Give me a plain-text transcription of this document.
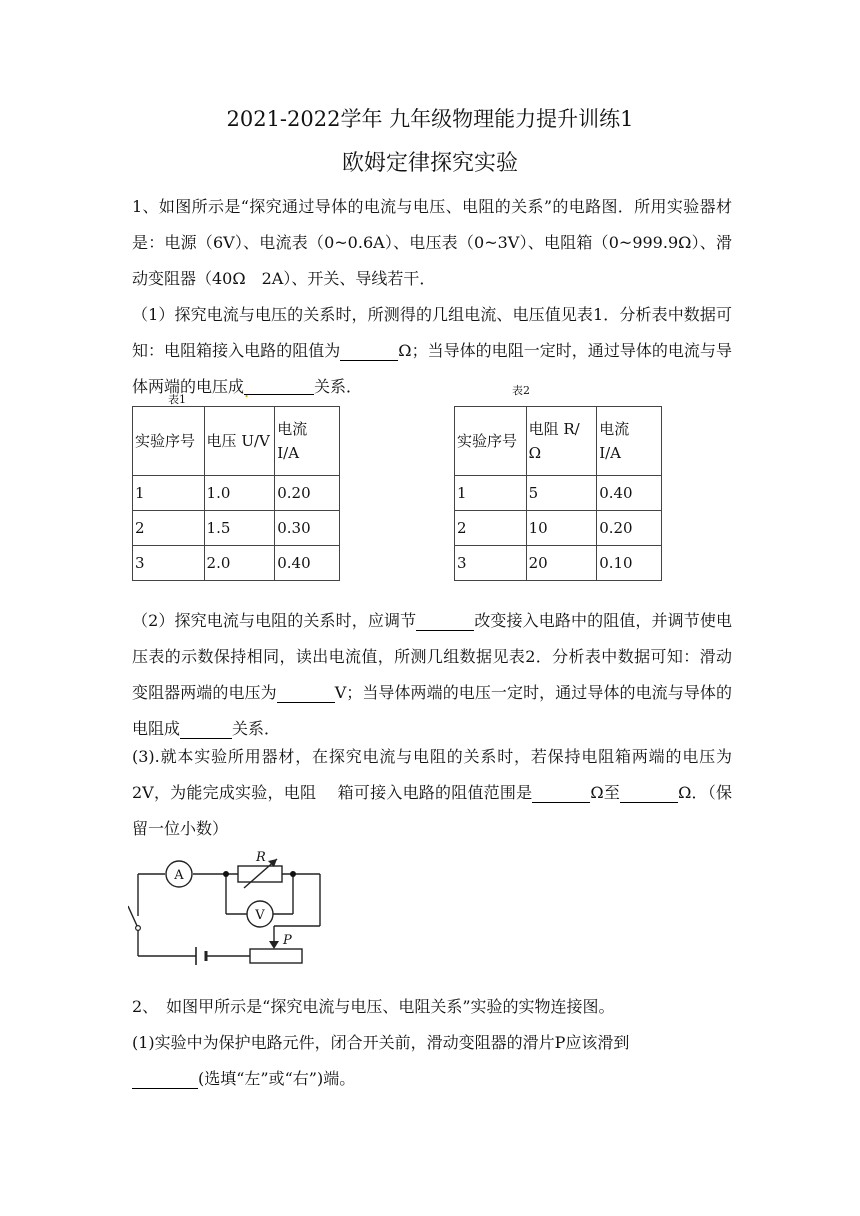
2021-2022学年 九年级物理能力提升训练1
欧姆定律探究实验
1、如图所示是“探究通过导体的电流与电压、电阻的关系”的电路图．所用实验器材是：电源（6V）、电流表（0~0.6A）、电压表（0~3V）、电阻箱（0~999.9Ω）、滑动变阻器（40Ω　2A）、开关、导线若干．
（1）探究电流与电压的关系时，所测得的几组电流、电压值见表1．分析表中数据可知：电阻箱接入电路的阻值为	Ω；当导体的电阻一定时，通过导体的电流与导体两端的电压成.	关系．
表1
实验序号	电压 U/V	电流
I/A
1	1.0	0.20
2	1.5	0.30
3	2.0	0.40
表2
实验序号	电阻 R/
Ω	电流
I/A
1	5	0.40
2	10	0.20
3	20	0.10
（2）探究电流与电阻的关系时，应调节	改变接入电路中的阻值，并调节使电压表的示数保持相同，读出电流值，所测几组数据见表2．分析表中数据可知：滑动变阻器两端的电压为	V；当导体两端的电压一定时，通过导体的电流与导体的电阻成	关系．
(3).就本实验所用器材，在探究电流与电阻的关系时，若保持电阻箱两端的电压为2V，为能完成实验，电阻　 箱可接入电路的阻值范围是	Ω至	Ω．（保留一位小数）
A
R
V
P
2、　如图甲所示是“探究电流与电压、电阻关系”实验的实物连接图。
(1)实验中为保护电路元件，闭合开关前，滑动变阻器的滑片P应该滑到
(选填“左”或“右”)端。
